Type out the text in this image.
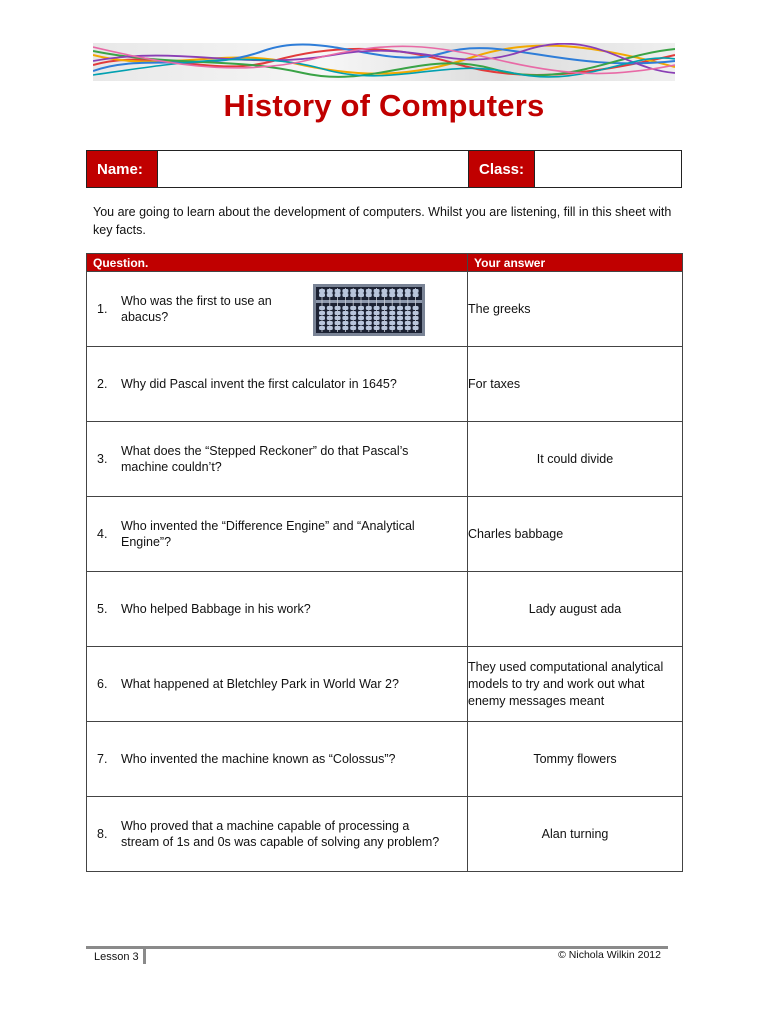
History of Computers
Name:	Class:
You are going to learn about the development of computers. Whilst you are listening, fill in this sheet with key facts.
Question.	Your answer

1.
Who was the first to use an abacus?	The greeks

2. Why did Pascal invent the first calculator in 1645?	For taxes

3.
What does the “Stepped Reckoner” do that Pascal’s machine couldn’t?	It could divide

4.
Who invented the “Difference Engine” and “Analytical Engine”?	Charles babbage

5. Who helped Babbage in his work?	Lady august ada

6. What happened at Bletchley Park in World War 2?	They used computational analytical models to try and work out what enemy messages meant

7. Who invented the machine known as “Colossus”?	Tommy flowers

8.
Who proved that a machine capable of processing a stream of 1s and 0s was capable of solving any problem?	Alan turning
Lesson 3	© Nichola Wilkin 2012
